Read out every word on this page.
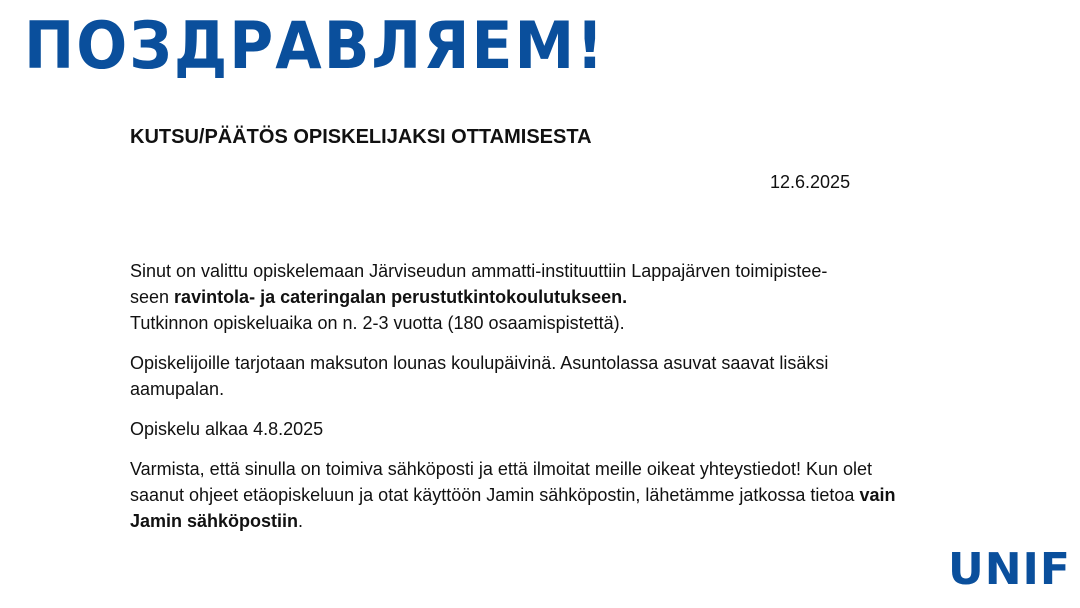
ПОЗДРАВЛЯЕМ!
KUTSU/PÄÄTÖS OPISKELIJAKSI OTTAMISESTA
12.6.2025

Sinut on valittu opiskelemaan Järviseudun ammatti-instituuttiin Lappajärven toimipistee-
seen ravintola- ja cateringalan perustutkintokoulutukseen.
Tutkinnon opiskeluaika on n. 2-3 vuotta (180 osaamispistettä).

Opiskelijoille tarjotaan maksuton lounas koulupäivinä. Asuntolassa asuvat saavat lisäksi aamupalan.

Opiskelu alkaa 4.8.2025

Varmista, että sinulla on toimiva sähköposti ja että ilmoitat meille oikeat yhteystiedot! Kun olet saanut ohjeet etäopiskeluun ja otat käyttöön Jamin sähköpostin, lähetämme jatkossa tietoa vain Jamin sähköpostiin.

UNIF
